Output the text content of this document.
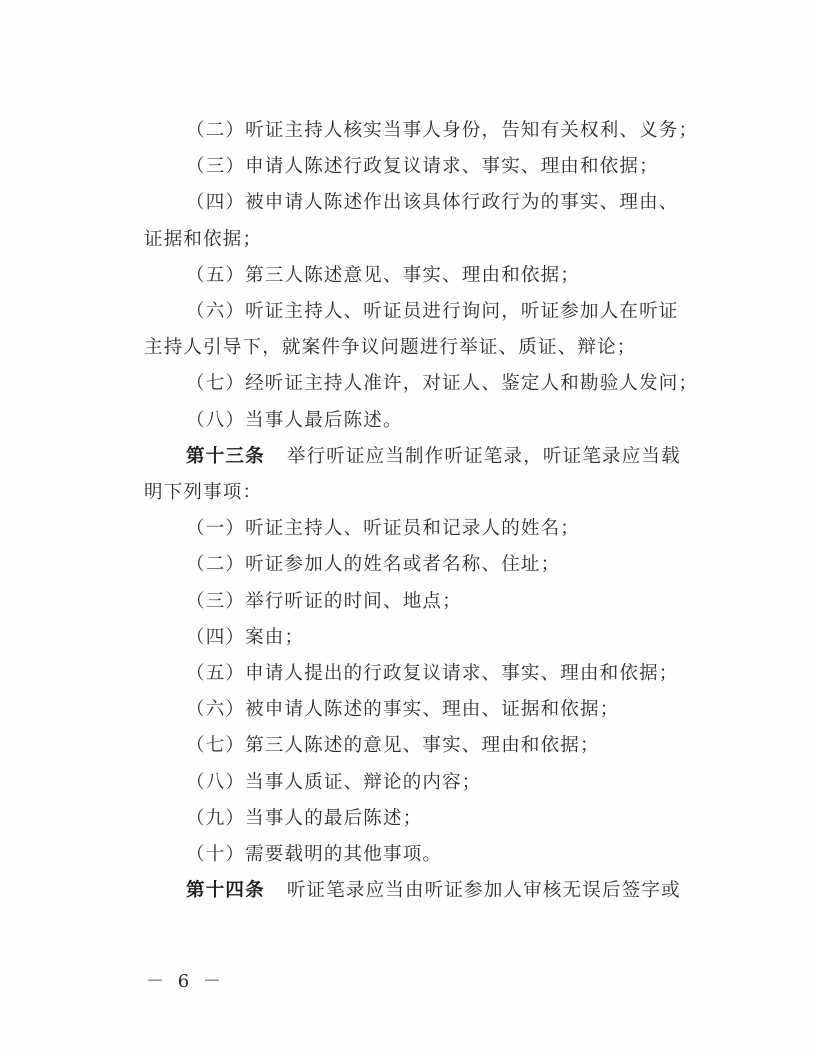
（二）听证主持人核实当事人身份，告知有关权利、义务；
（三）申请人陈述行政复议请求、事实、理由和依据；
（四）被申请人陈述作出该具体行政行为的事实、理由、
证据和依据；
（五）第三人陈述意见、事实、理由和依据；
（六）听证主持人、听证员进行询问，听证参加人在听证
主持人引导下，就案件争议问题进行举证、质证、辩论；
（七）经听证主持人准许，对证人、鉴定人和勘验人发问；
（八）当事人最后陈述。
第十三条 举行听证应当制作听证笔录，听证笔录应当载
明下列事项：
（一）听证主持人、听证员和记录人的姓名；
（二）听证参加人的姓名或者名称、住址；
（三）举行听证的时间、地点；
（四）案由；
（五）申请人提出的行政复议请求、事实、理由和依据；
（六）被申请人陈述的事实、理由、证据和依据；
（七）第三人陈述的意见、事实、理由和依据；
（八）当事人质证、辩论的内容；
（九）当事人的最后陈述；
（十）需要载明的其他事项。
第十四条 听证笔录应当由听证参加人审核无误后签字或
－ 6 －
